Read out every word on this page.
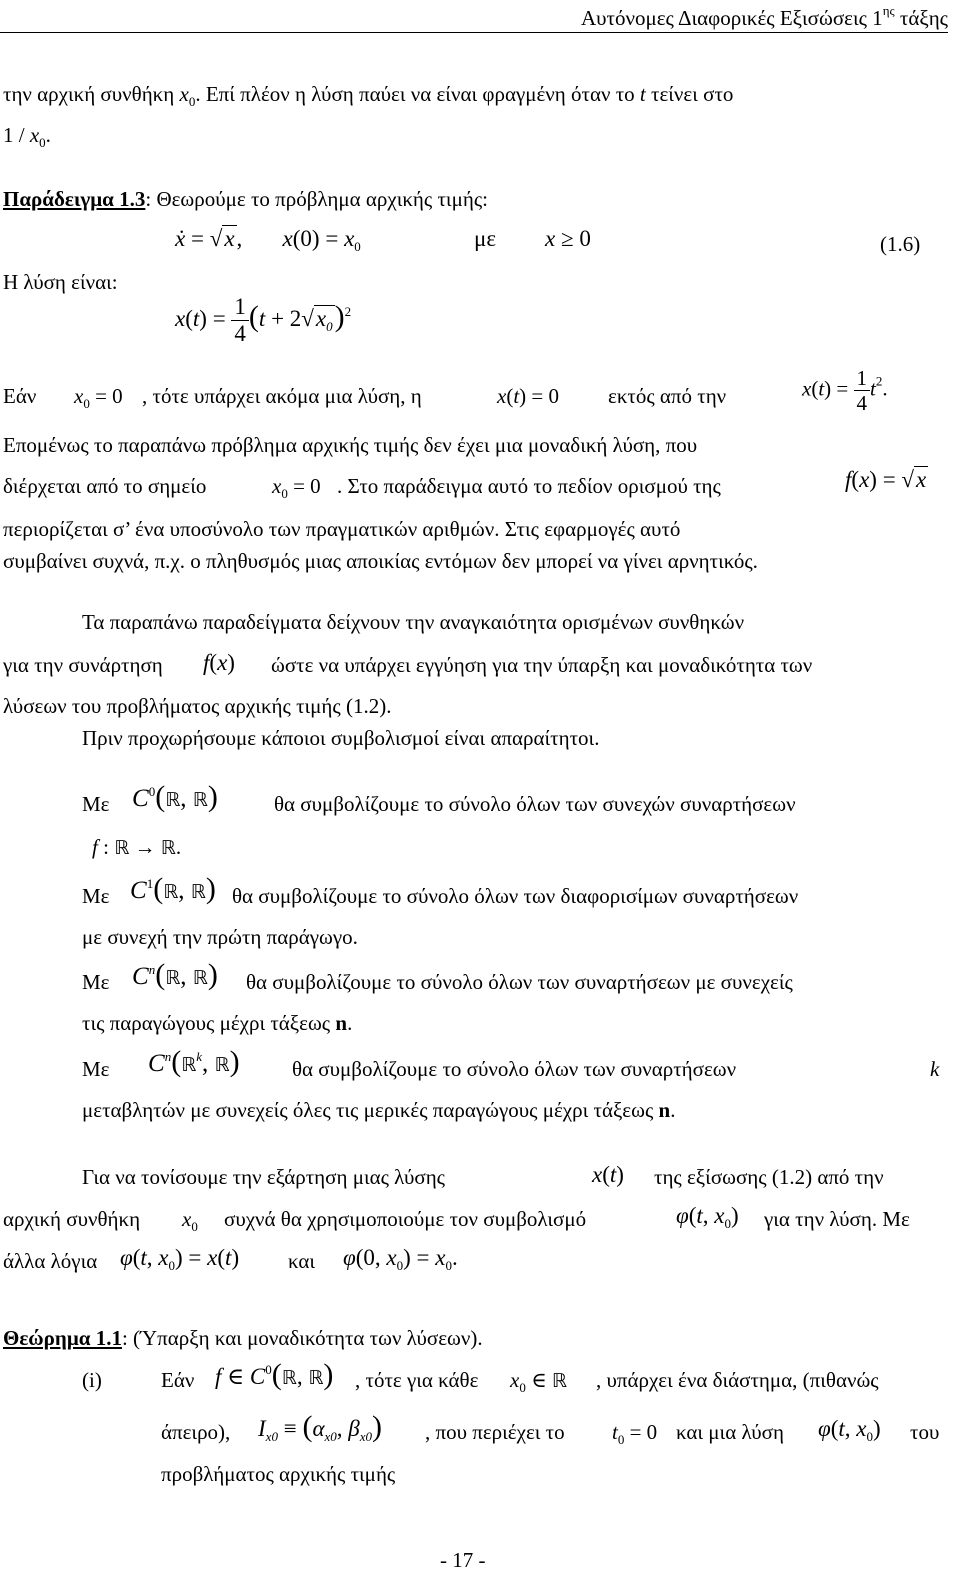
Αυτόνομες Διαφορικές Εξισώσεις $1^{\eta\varsigma}$ τάξης
την αρχική συνθήκη $x_0$. Επί πλέον η λύση παύει να είναι φραγμένη όταν το t τείνει στο
$1 / x_0$.
Παράδειγμα 1.3: Θεωρούμε το πρόβλημα αρχικής τιμής:
ẋ = √x,       $x(0) = x_0$	με x ≥ 0	(1.6)
Η λύση είναι:
$x(t) = \frac{1}{4} (t + 2√x_0)^2$
Εάν $x_0 = 0$ , τότε υπάρχει ακόμα μια λύση, η	x(t) = 0 εκτός από την	$x(t) = \frac{1}{4} t^2$.
Επομένως το παραπάνω πρόβλημα αρχικής τιμής δεν έχει μια μοναδική λύση, που
διέρχεται από το σημείο	$x_0 = 0$ . Στο παράδειγμα αυτό το πεδίον ορισμού της	f(x) = √x
περιορίζεται σ’ ένα υποσύνολο των πραγματικών αριθμών. Στις εφαρμογές αυτό
συμβαίνει συχνά, π.χ. ο πληθυσμός μιας αποικίας εντόμων δεν μπορεί να γίνει αρνητικός.
Τα παραπάνω παραδείγματα δείχνουν την αναγκαιότητα ορισμένων συνθηκών
για την συνάρτηση f(x) ώστε να υπάρχει εγγύηση για την ύπαρξη και μοναδικότητα των
λύσεων του προβλήματος αρχικής τιμής (1.2).
Πριν προχωρήσουμε κάποιοι συμβολισμοί είναι απαραίτητοι.
Με $C^0(ℝ$, ℝ)	θα συμβολίζουμε το σύνολο όλων των συνεχών συναρτήσεων
f : ℝ → ℝ.
Με $C^1(ℝ$, ℝ) θα συμβολίζουμε το σύνολο όλων των διαφορισίμων συναρτήσεων
με συνεχή την πρώτη παράγωγο.
Με $C^n(ℝ$, ℝ) θα συμβολίζουμε το σύνολο όλων των συναρτήσεων με συνεχείς
τις παραγώγους μέχρι τάξεως n.
Με $C^n(ℝ^k$, ℝ) θα συμβολίζουμε το σύνολο όλων των συναρτήσεων	k
μεταβλητών με συνεχείς όλες τις μερικές παραγώγους μέχρι τάξεως n.
Για να τονίσουμε την εξάρτηση μιας λύσης	x(t) της εξίσωσης (1.2) από την
αρχική συνθήκη $x_0$ συχνά θα χρησιμοποιούμε τον συμβολισμό	φ(t, $x_0$) για την λύση. Με
άλλα λόγια φ(t, $x_0) = x(t)$ και φ(0, $x_0) = x_0$.
Θεώρημα 1.1: (Ύπαρξη και μοναδικότητα των λύσεων).
(i)	Εάν f ∈ $C^0(ℝ$, ℝ) , τότε για κάθε $x_0$ ∈ ℝ , υπάρχει ένα διάστημα, (πιθανώς
άπειρο), $I_{x0} \equiv (\alpha_{x0}$, $\beta_{x0}$) , που περιέχει το $t_0 = 0$ και μια λύση φ(t, $x_0$) του
προβλήματος αρχικής τιμής
- 17 -
